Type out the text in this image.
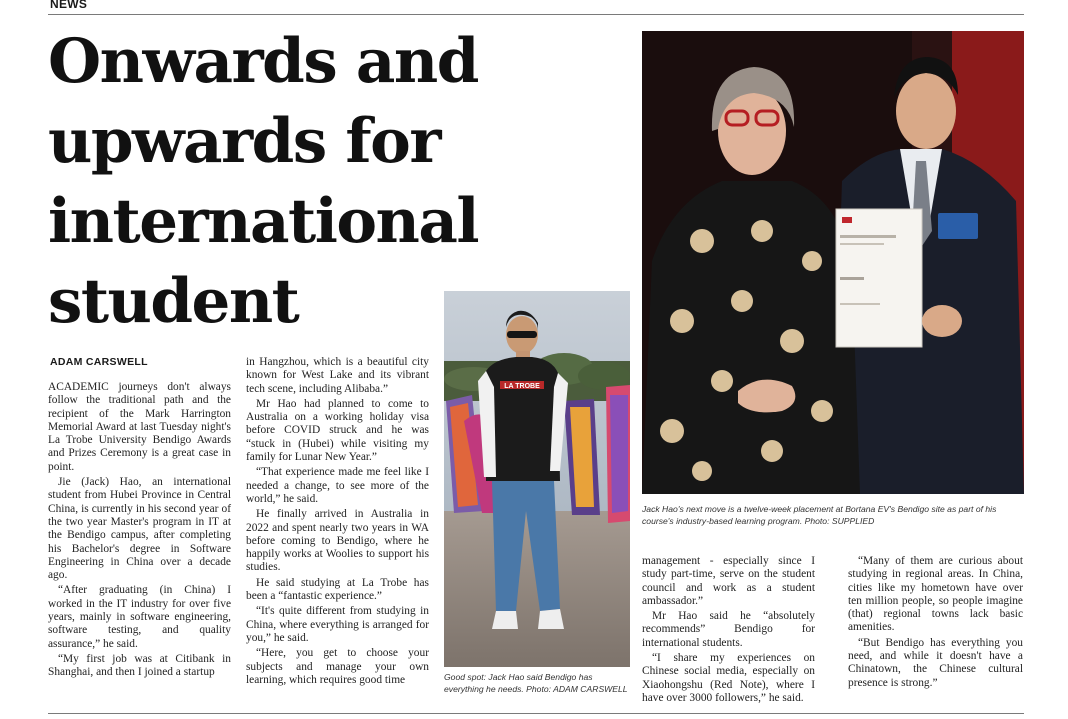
NEWS
Onwards and upwards for international student
ADAM CARSWELL

ACADEMIC journeys don't always follow the traditional path and the recipient of the Mark Harrington Memorial Award at last Tuesday night's La Trobe University Bendigo Awards and Prizes Ceremony is a great case in point.

Jie (Jack) Hao, an international student from Hubei Province in Central China, is currently in his second year of the two year Master's program in IT at the Bendigo campus, after completing his Bachelor's degree in Software Engineering in China over a decade ago.

“After graduating (in China) I worked in the IT industry for over five years, mainly in software engineering, software testing, and quality assurance,” he said.

“My first job was at Citibank in Shanghai, and then I joined a startup

in Hangzhou, which is a beautiful city known for West Lake and its vibrant tech scene, including Alibaba.”

Mr Hao had planned to come to Australia on a working holiday visa before COVID struck and he was “stuck in (Hubei) while visiting my family for Lunar New Year.”

“That experience made me feel like I needed a change, to see more of the world,” he said.

He finally arrived in Australia in 2022 and spent nearly two years in WA before coming to Bendigo, where he happily works at Woolies to support his studies.

He said studying at La Trobe has been a “fantastic experience.”

“It's quite different from studying in China, where everything is arranged for you,” he said.

“Here, you get to choose your subjects and manage your own learning, which requires good time

LA TROBE
Good spot: Jack Hao said Bendigo has everything he needs. Photo: ADAM CARSWELL
Jack Hao's next move is a twelve-week placement at Bortana EV's Bendigo site as part of his course's industry-based learning program. Photo: SUPPLIED

management - especially since I study part-time, serve on the student council and work as a student ambassador.”

Mr Hao said he “absolutely recommends” Bendigo for international students.

“I share my experiences on Chinese social media, especially on Xiaohongshu (Red Note), where I have over 3000 followers,” he said.

“Many of them are curious about studying in regional areas. In China, cities like my hometown have over ten million people, so people imagine (that) regional towns lack basic amenities.

“But Bendigo has everything you need, and while it doesn't have a Chinatown, the Chinese cultural presence is strong.”
